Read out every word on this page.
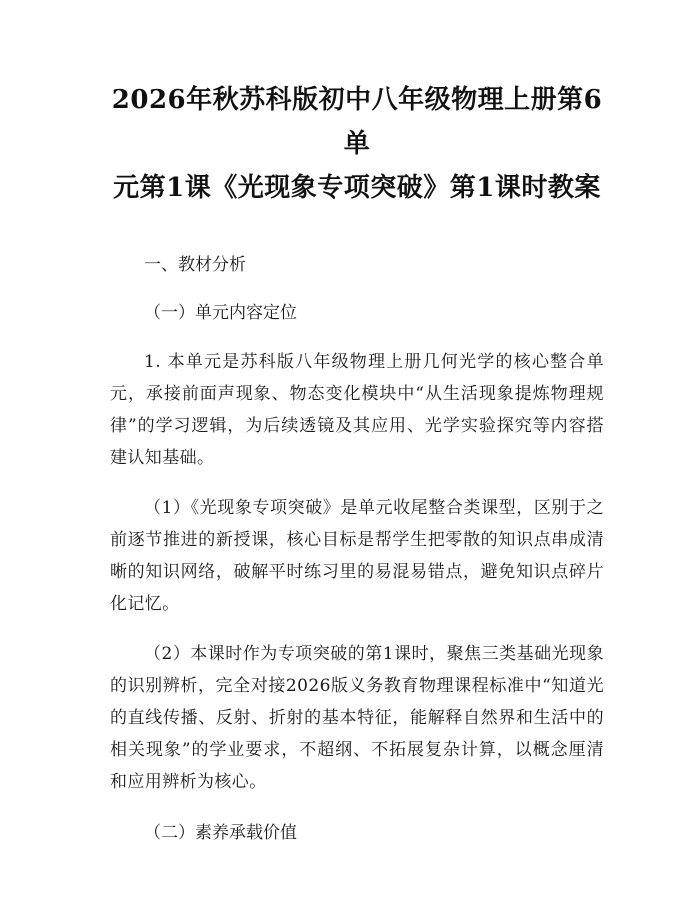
2026年秋苏科版初中八年级物理上册第6单
元第1课《光现象专项突破》第1课时教案

一、教材分析

（一）单元内容定位

1. 本单元是苏科版八年级物理上册几何光学的核心整合单元，承接前面声现象、物态变化模块中“从生活现象提炼物理规律”的学习逻辑，为后续透镜及其应用、光学实验探究等内容搭建认知基础。

（1）《光现象专项突破》是单元收尾整合类课型，区别于之前逐节推进的新授课，核心目标是帮学生把零散的知识点串成清晰的知识网络，破解平时练习里的易混易错点，避免知识点碎片化记忆。

（2）本课时作为专项突破的第1课时，聚焦三类基础光现象的识别辨析，完全对接2026版义务教育物理课程标准中“知道光的直线传播、反射、折射的基本特征，能解释自然界和生活中的相关现象”的学业要求，不超纲、不拓展复杂计算，以概念厘清和应用辨析为核心。

（二）素养承载价值
